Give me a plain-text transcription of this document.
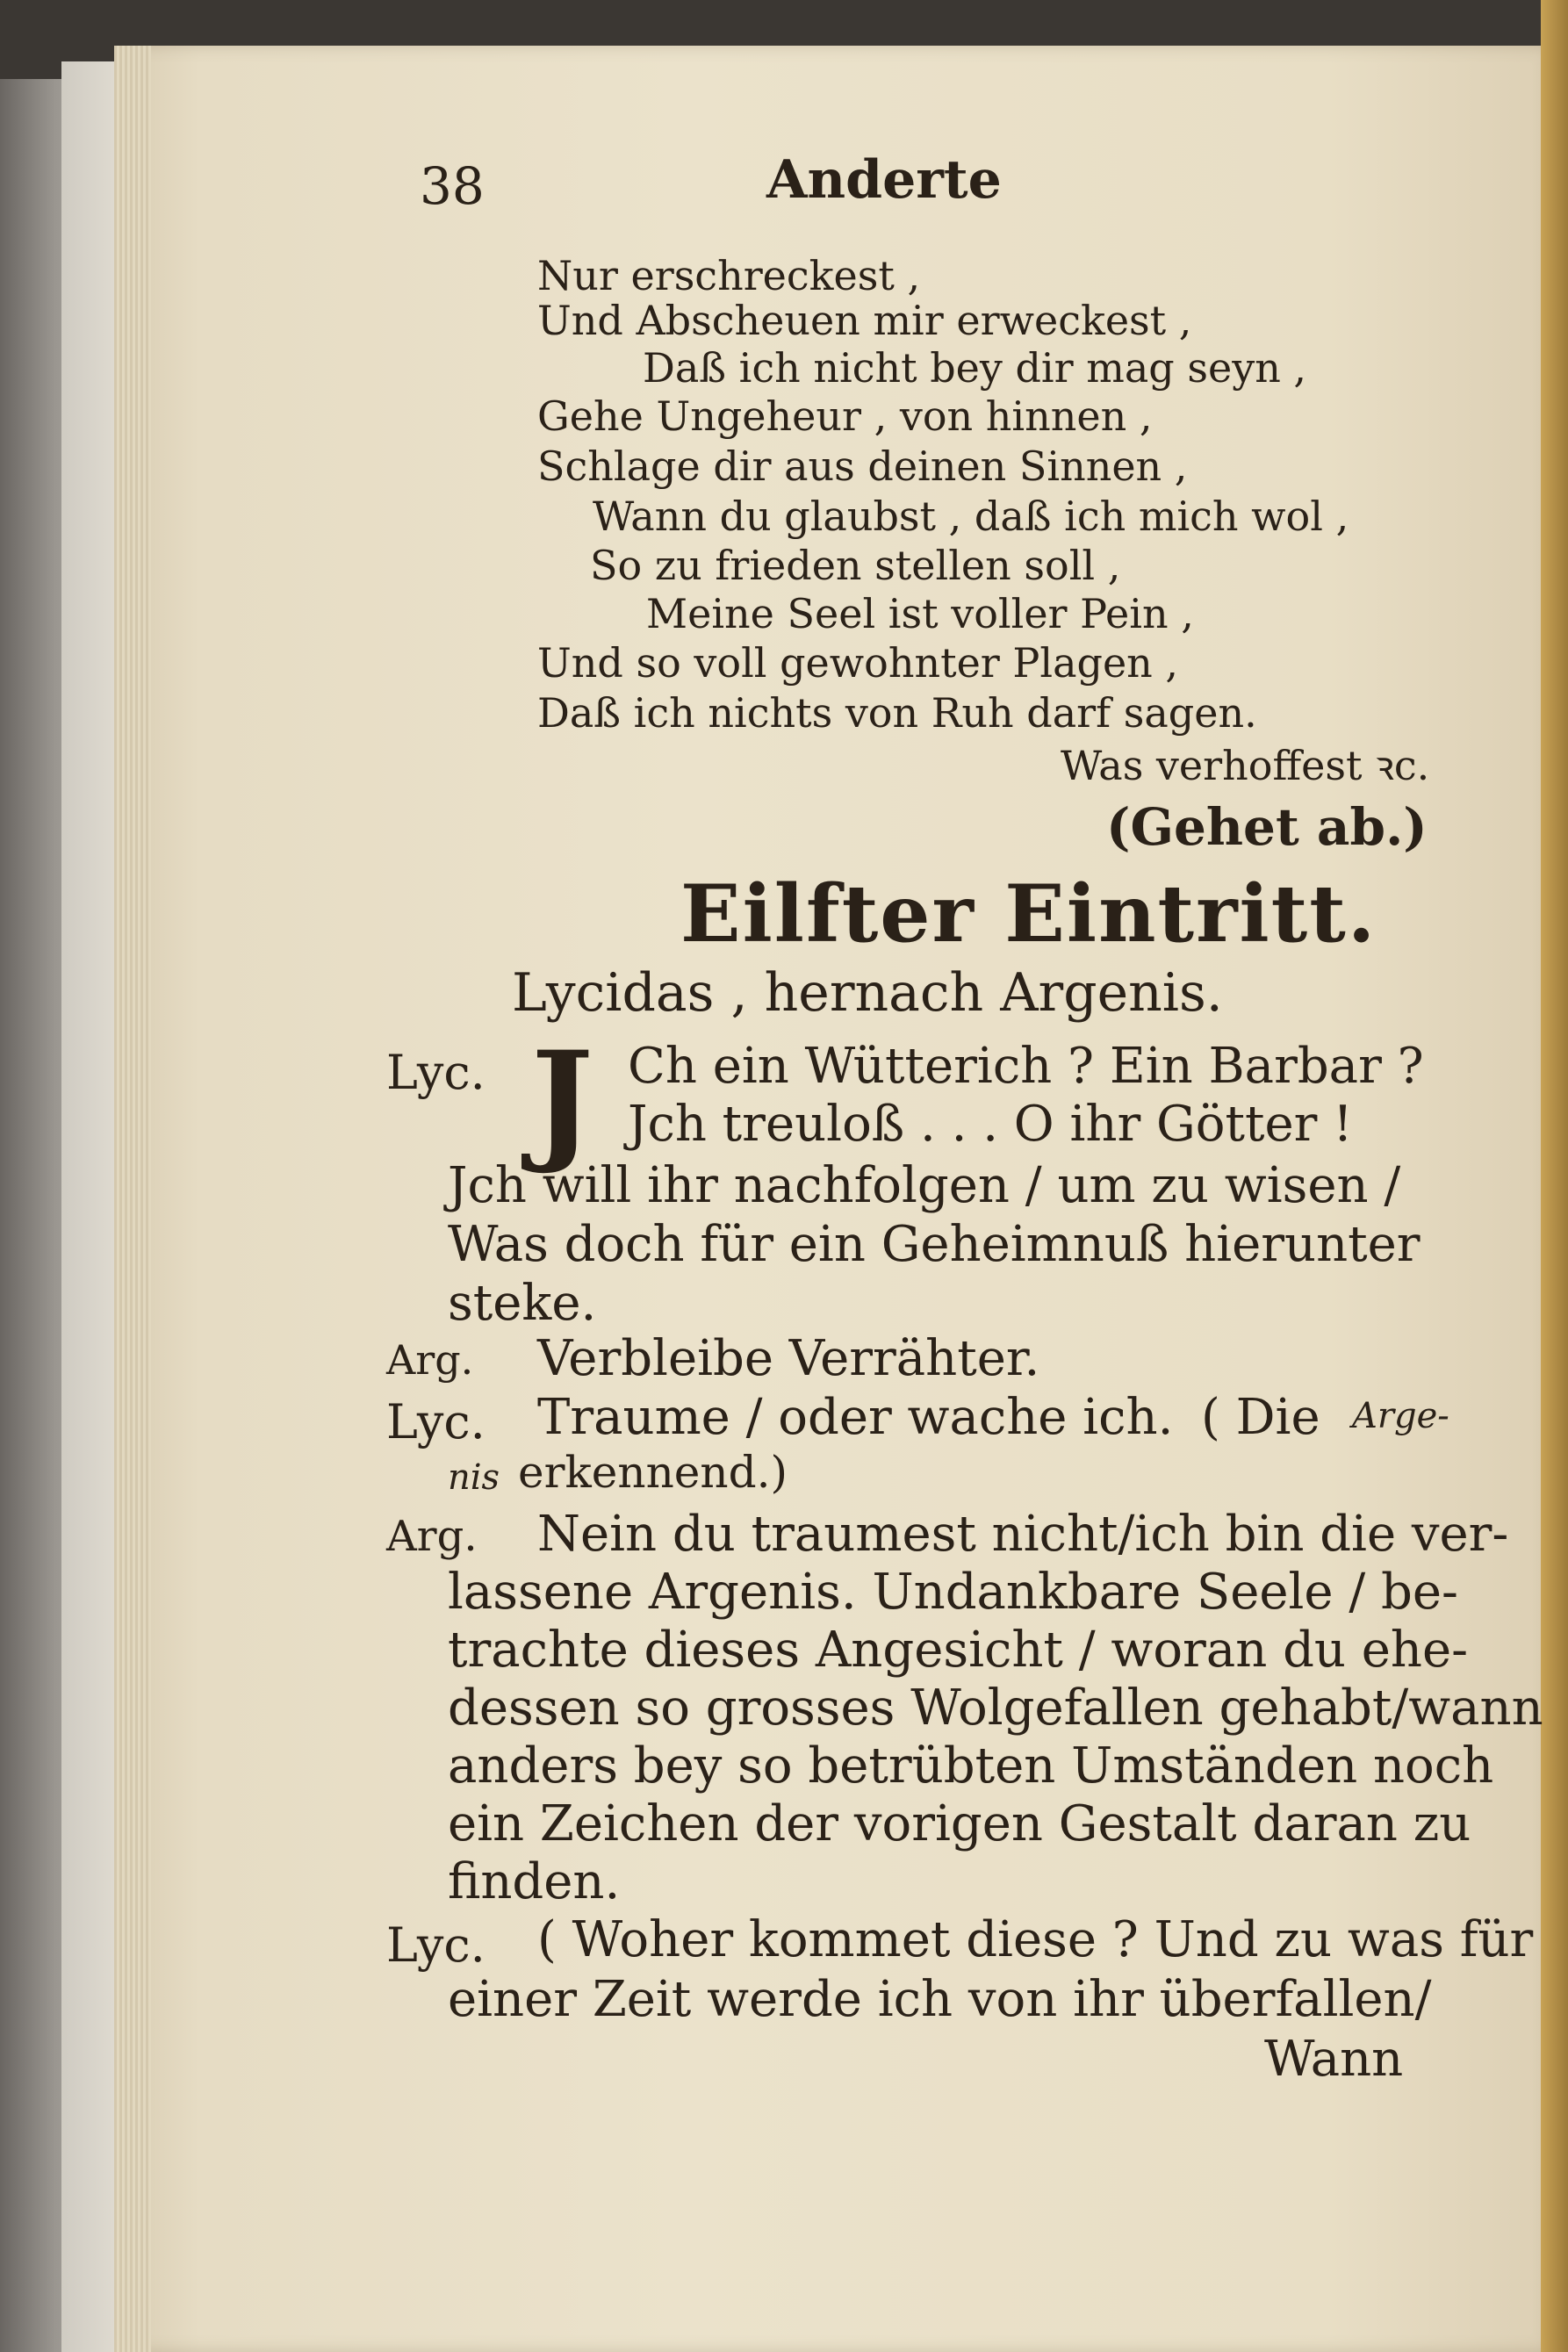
38	Anderte
Nur erschreckest ,
Und Abscheuen mir erweckest ,
Daß ich nicht bey dir mag seyn ,
Gehe Ungeheur , von hinnen ,
Schlage dir aus deinen Sinnen ,
Wann du glaubst , daß ich mich wol ,
So zu frieden stellen soll ,
Meine Seel ist voller Pein ,
Und so voll gewohnter Plagen ,
Daß ich nichts von Ruh darf sagen.
Was verhoffest ꝛc.
(Gehet ab.)
Eilfter Eintritt.
Lycidas , hernach Argenis.
Lyc. J Ch ein Wütterich ? Ein Barbar ?
Jch treuloß . . . O ihr Götter !
Jch will ihr nachfolgen / um zu wisen /
Was doch für ein Geheimnuß hierunter
steke.
Arg. Verbleibe Verrähter.
Lyc. Traume / oder wache ich. ( Die Arge-
nis erkennend.)
Arg. Nein du traumest nicht/ich bin die ver-
lassene Argenis. Undankbare Seele / be-
trachte dieses Angesicht / woran du ehe-
dessen so grosses Wolgefallen gehabt/wann
anders bey so betrübten Umständen noch
ein Zeichen der vorigen Gestalt daran zu
finden.
Lyc. ( Woher kommet diese ? Und zu was für
einer Zeit werde ich von ihr überfallen/
Wann
